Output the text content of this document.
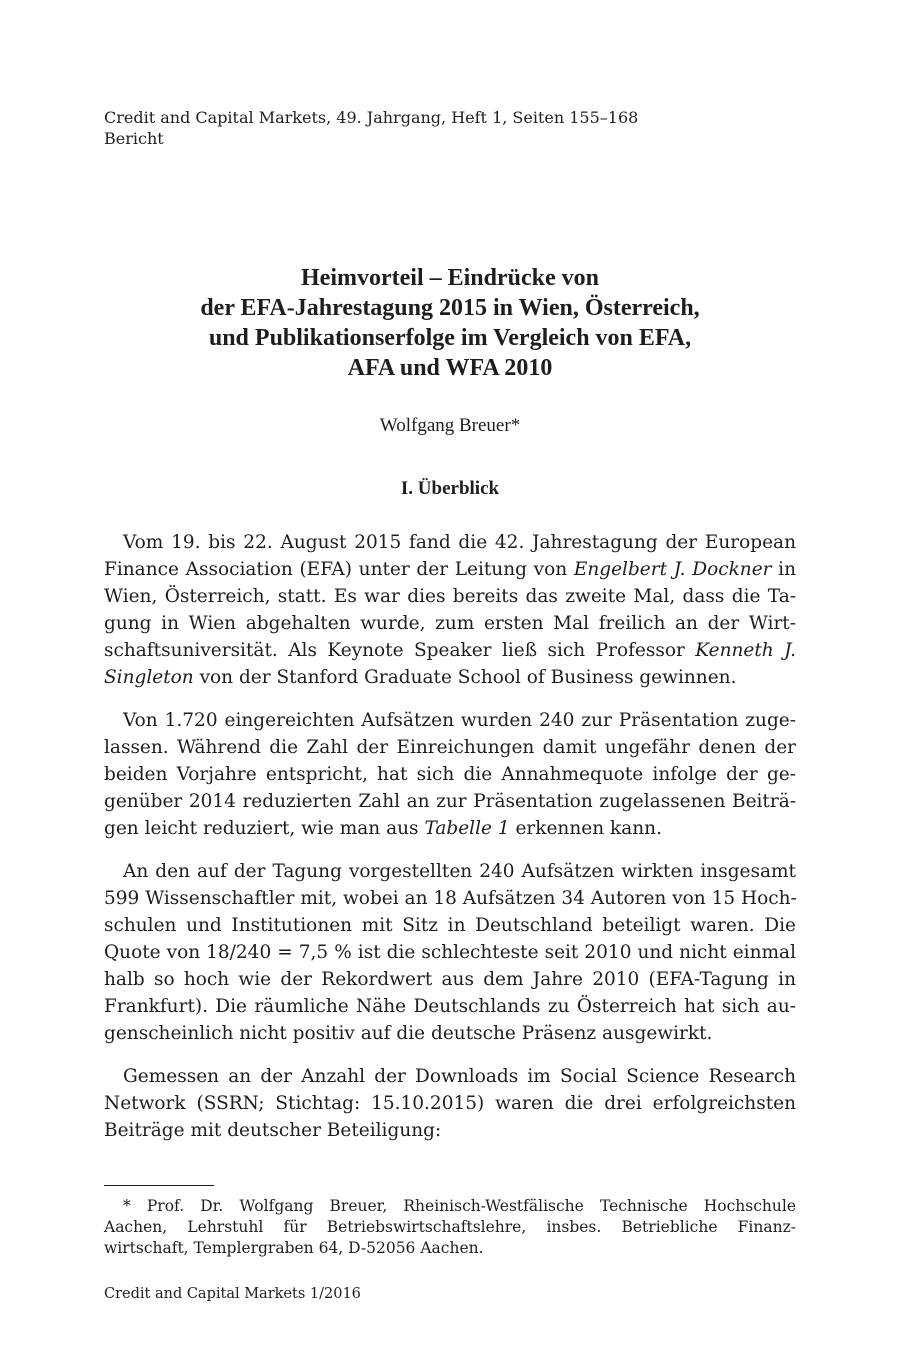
Credit and Capital Markets, 49. Jahrgang, Heft 1, Seiten 155–168
Bericht
Heimvorteil – Eindrücke von
der EFA-Jahrestagung 2015 in Wien, Österreich,
und Publikationserfolge im Vergleich von EFA,
AFA und WFA 2010
Wolfgang Breuer*
I. Überblick
Vom 19. bis 22. August 2015 fand die 42. Jahrestagung der European
Finance Association (EFA) unter der Leitung von Engelbert J. Dockner in
Wien, Österreich, statt. Es war dies bereits das zweite Mal, dass die Ta-
gung in Wien abgehalten wurde, zum ersten Mal freilich an der Wirt-
schaftsuniversität. Als Keynote Speaker ließ sich Professor Kenneth J.
Singleton von der Stanford Graduate School of Business gewinnen.
Von 1.720 eingereichten Aufsätzen wurden 240 zur Präsentation zuge-
lassen. Während die Zahl der Einreichungen damit ungefähr denen der
beiden Vorjahre entspricht, hat sich die Annahmequote infolge der ge-
genüber 2014 reduzierten Zahl an zur Präsentation zugelassenen Beiträ-
gen leicht reduziert, wie man aus Tabelle 1 erkennen kann.
An den auf der Tagung vorgestellten 240 Aufsätzen wirkten insgesamt
599 Wissenschaftler mit, wobei an 18 Aufsätzen 34 Autoren von 15 Hoch-
schulen und Institutionen mit Sitz in Deutschland beteiligt waren. Die
Quote von 18/240 = 7,5 % ist die schlechteste seit 2010 und nicht einmal
halb so hoch wie der Rekordwert aus dem Jahre 2010 (EFA-Tagung in
Frankfurt). Die räumliche Nähe Deutschlands zu Österreich hat sich au-
genscheinlich nicht positiv auf die deutsche Präsenz ausgewirkt.
Gemessen an der Anzahl der Downloads im Social Science Research
Network (SSRN; Stichtag: 15.10.2015) waren die drei erfolgreichsten
Beiträge mit deutscher Beteiligung:
* Prof. Dr. Wolfgang Breuer, Rheinisch-Westfälische Technische Hochschule
Aachen, Lehrstuhl für Betriebswirtschaftslehre, insbes. Betriebliche Finanz-
wirtschaft, Templergraben 64, D-52056 Aachen.
Credit and Capital Markets 1/2016
